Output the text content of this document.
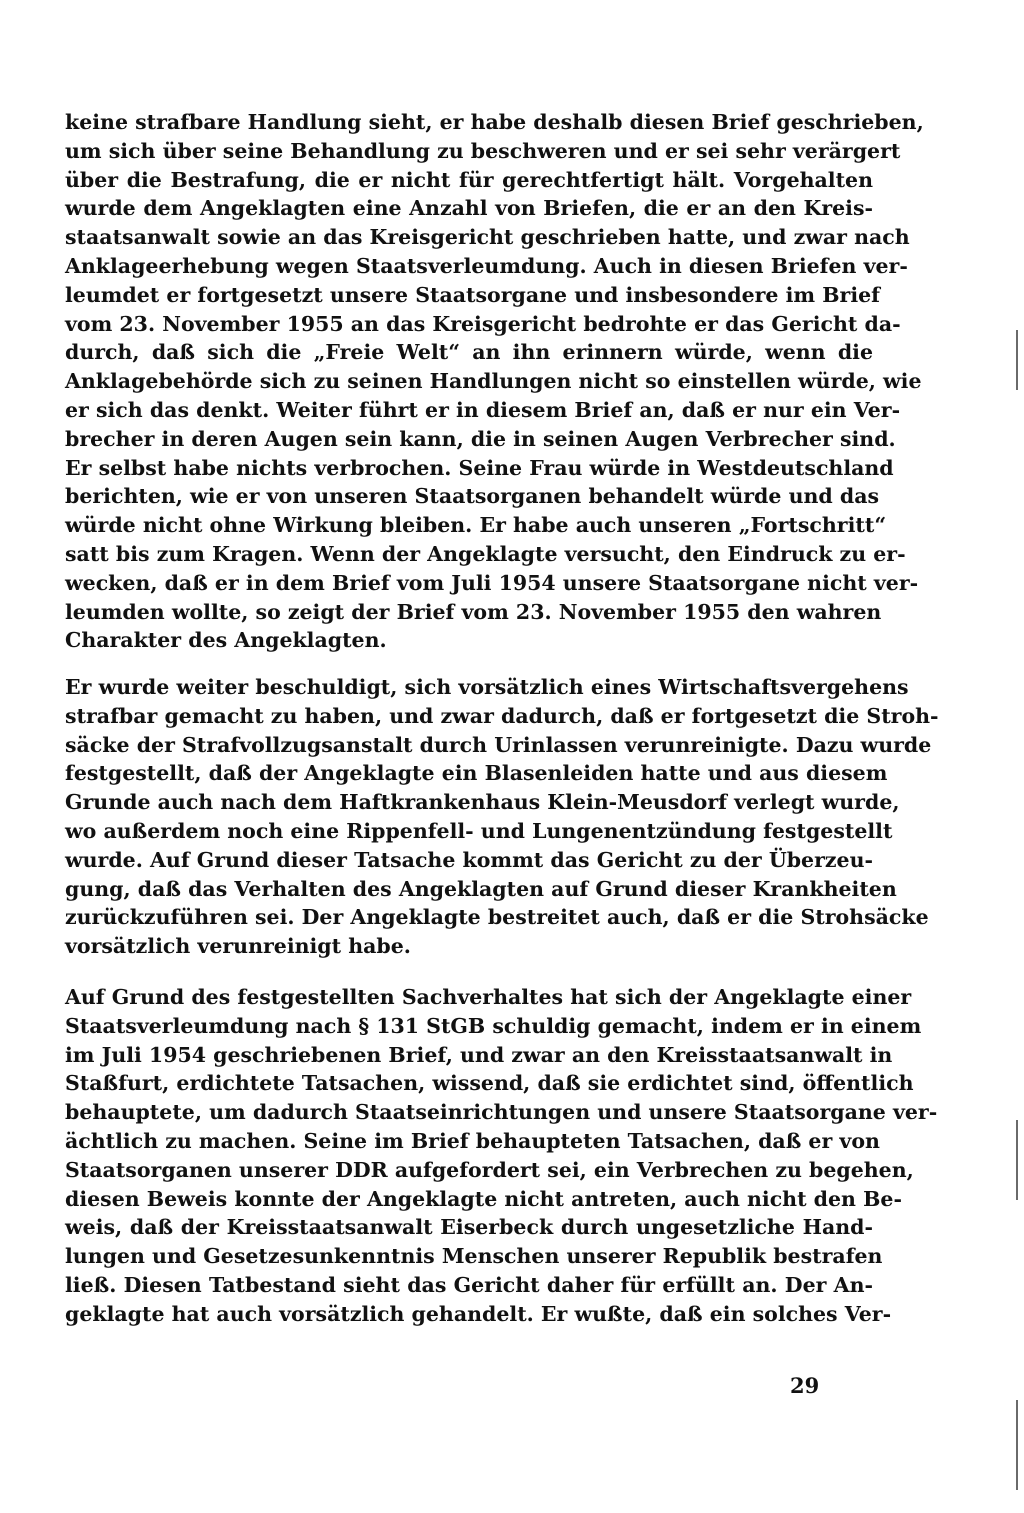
keine strafbare Handlung sieht, er habe deshalb diesen Brief geschrieben,
um sich über seine Behandlung zu beschweren und er sei sehr verärgert
über die Bestrafung, die er nicht für gerechtfertigt hält. Vorgehalten
wurde dem Angeklagten eine Anzahl von Briefen, die er an den Kreis-
staatsanwalt sowie an das Kreisgericht geschrieben hatte, und zwar nach
Anklageerhebung wegen Staatsverleumdung. Auch in diesen Briefen ver-
leumdet er fortgesetzt unsere Staatsorgane und insbesondere im Brief
vom 23. November 1955 an das Kreisgericht bedrohte er das Gericht da-
durch, daß sich die „Freie Welt“ an ihn erinnern würde, wenn die
Anklagebehörde sich zu seinen Handlungen nicht so einstellen würde, wie
er sich das denkt. Weiter führt er in diesem Brief an, daß er nur ein Ver-
brecher in deren Augen sein kann, die in seinen Augen Verbrecher sind.
Er selbst habe nichts verbrochen. Seine Frau würde in Westdeutschland
berichten, wie er von unseren Staatsorganen behandelt würde und das
würde nicht ohne Wirkung bleiben. Er habe auch unseren „Fortschritt“
satt bis zum Kragen. Wenn der Angeklagte versucht, den Eindruck zu er-
wecken, daß er in dem Brief vom Juli 1954 unsere Staatsorgane nicht ver-
leumden wollte, so zeigt der Brief vom 23. November 1955 den wahren
Charakter des Angeklagten.
Er wurde weiter beschuldigt, sich vorsätzlich eines Wirtschaftsvergehens
strafbar gemacht zu haben, und zwar dadurch, daß er fortgesetzt die Stroh-
säcke der Strafvollzugsanstalt durch Urinlassen verunreinigte. Dazu wurde
festgestellt, daß der Angeklagte ein Blasenleiden hatte und aus diesem
Grunde auch nach dem Haftkrankenhaus Klein-Meusdorf verlegt wurde,
wo außerdem noch eine Rippenfell- und Lungenentzündung festgestellt
wurde. Auf Grund dieser Tatsache kommt das Gericht zu der Überzeu-
gung, daß das Verhalten des Angeklagten auf Grund dieser Krankheiten
zurückzuführen sei. Der Angeklagte bestreitet auch, daß er die Strohsäcke
vorsätzlich verunreinigt habe.
Auf Grund des festgestellten Sachverhaltes hat sich der Angeklagte einer
Staatsverleumdung nach § 131 StGB schuldig gemacht, indem er in einem
im Juli 1954 geschriebenen Brief, und zwar an den Kreisstaatsanwalt in
Staßfurt, erdichtete Tatsachen, wissend, daß sie erdichtet sind, öffentlich
behauptete, um dadurch Staatseinrichtungen und unsere Staatsorgane ver-
ächtlich zu machen. Seine im Brief behaupteten Tatsachen, daß er von
Staatsorganen unserer DDR aufgefordert sei, ein Verbrechen zu begehen,
diesen Beweis konnte der Angeklagte nicht antreten, auch nicht den Be-
weis, daß der Kreisstaatsanwalt Eiserbeck durch ungesetzliche Hand-
lungen und Gesetzesunkenntnis Menschen unserer Republik bestrafen
ließ. Diesen Tatbestand sieht das Gericht daher für erfüllt an. Der An-
geklagte hat auch vorsätzlich gehandelt. Er wußte, daß ein solches Ver-
29
